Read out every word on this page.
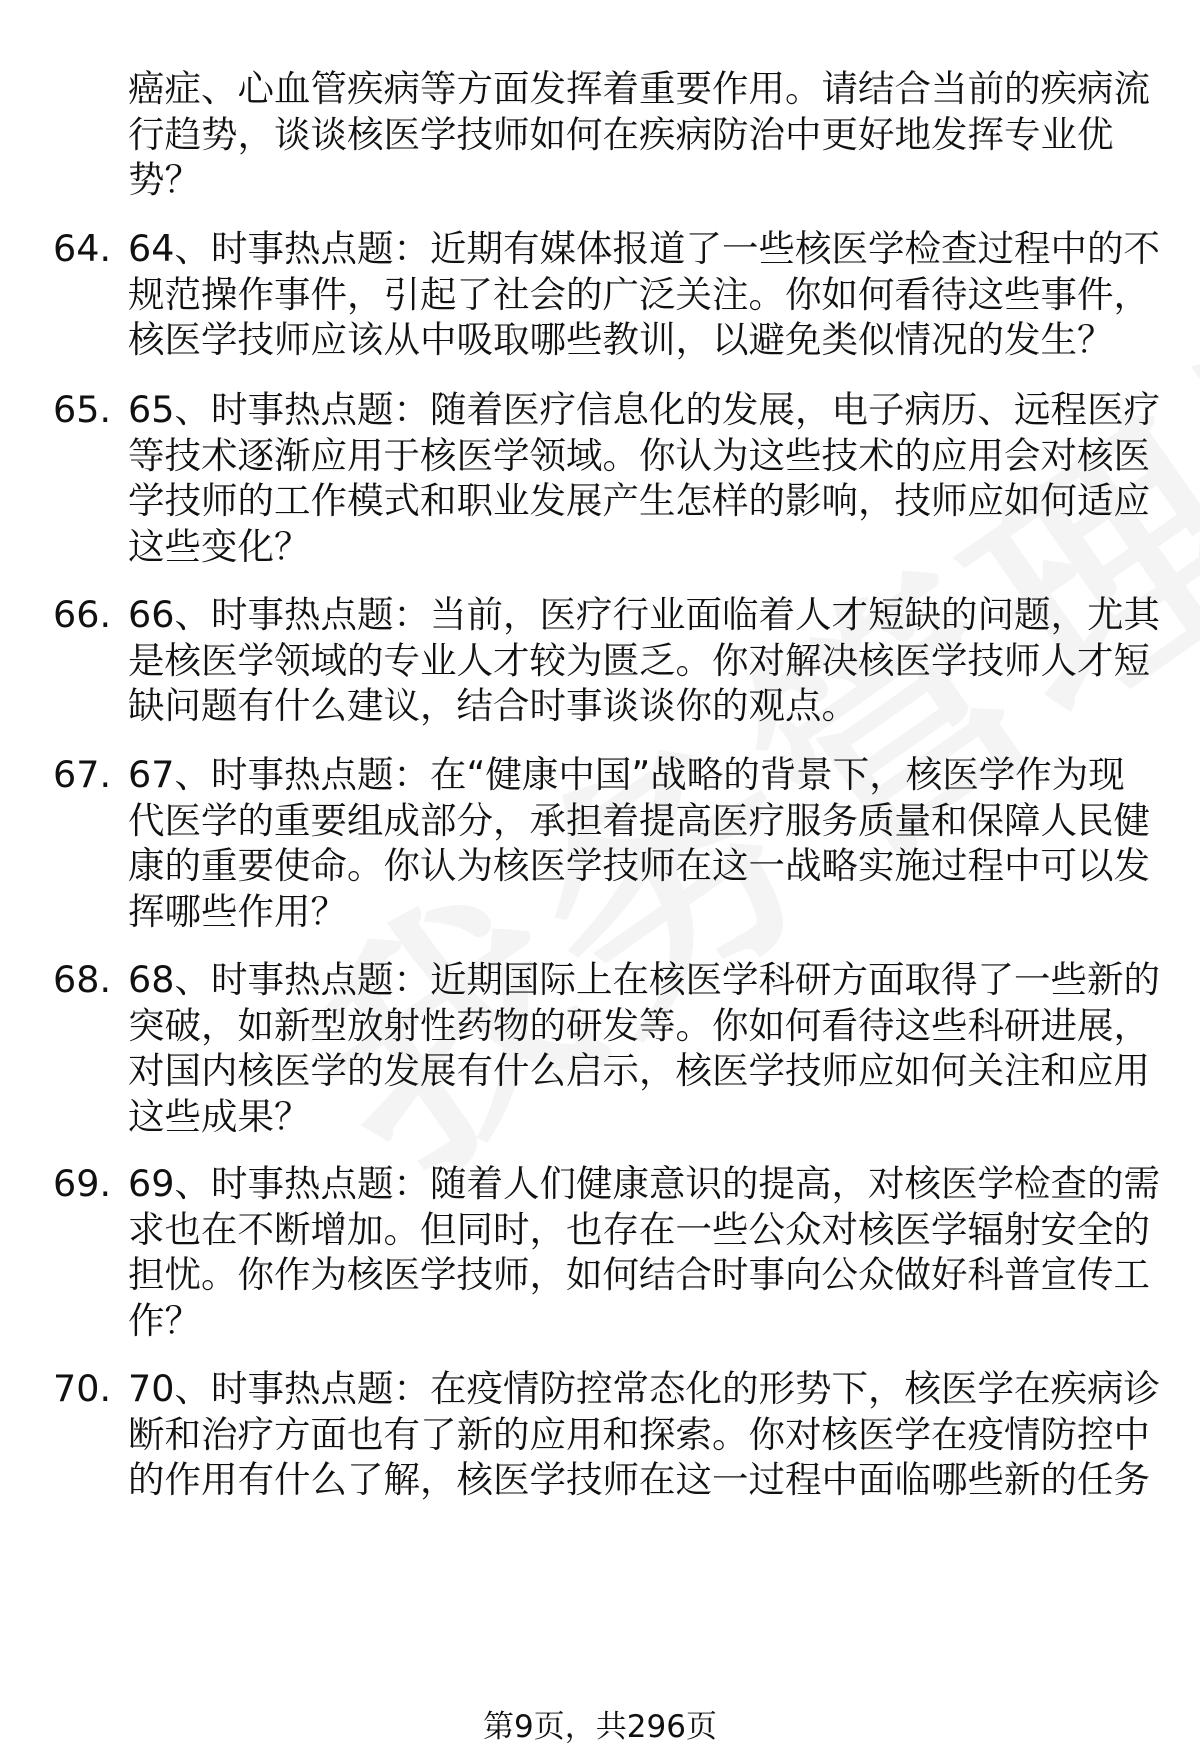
癌症、心血管疾病等方面发挥着重要作用。请结合当前的疾病流
行趋势，谈谈核医学技师如何在疾病防治中更好地发挥专业优
势？
64. 64、时事热点题：近期有媒体报道了一些核医学检查过程中的不
规范操作事件，引起了社会的广泛关注。你如何看待这些事件，
核医学技师应该从中吸取哪些教训，以避免类似情况的发生？
65. 65、时事热点题：随着医疗信息化的发展，电子病历、远程医疗
等技术逐渐应用于核医学领域。你认为这些技术的应用会对核医
学技师的工作模式和职业发展产生怎样的影响，技师应如何适应
这些变化？
66. 66、时事热点题：当前，医疗行业面临着人才短缺的问题，尤其
是核医学领域的专业人才较为匮乏。你对解决核医学技师人才短
缺问题有什么建议，结合时事谈谈你的观点。
67. 67、时事热点题：在“健康中国”战略的背景下，核医学作为现
代医学的重要组成部分，承担着提高医疗服务质量和保障人民健
康的重要使命。你认为核医学技师在这一战略实施过程中可以发
挥哪些作用？
68. 68、时事热点题：近期国际上在核医学科研方面取得了一些新的
突破，如新型放射性药物的研发等。你如何看待这些科研进展，
对国内核医学的发展有什么启示，核医学技师应如何关注和应用
这些成果？
69. 69、时事热点题：随着人们健康意识的提高，对核医学检查的需
求也在不断增加。但同时，也存在一些公众对核医学辐射安全的
担忧。你作为核医学技师，如何结合时事向公众做好科普宣传工
作？
70. 70、时事热点题：在疫情防控常态化的形势下，核医学在疾病诊
断和治疗方面也有了新的应用和探索。你对核医学在疫情防控中
的作用有什么了解，核医学技师在这一过程中面临哪些新的任务
第9页，共296页
